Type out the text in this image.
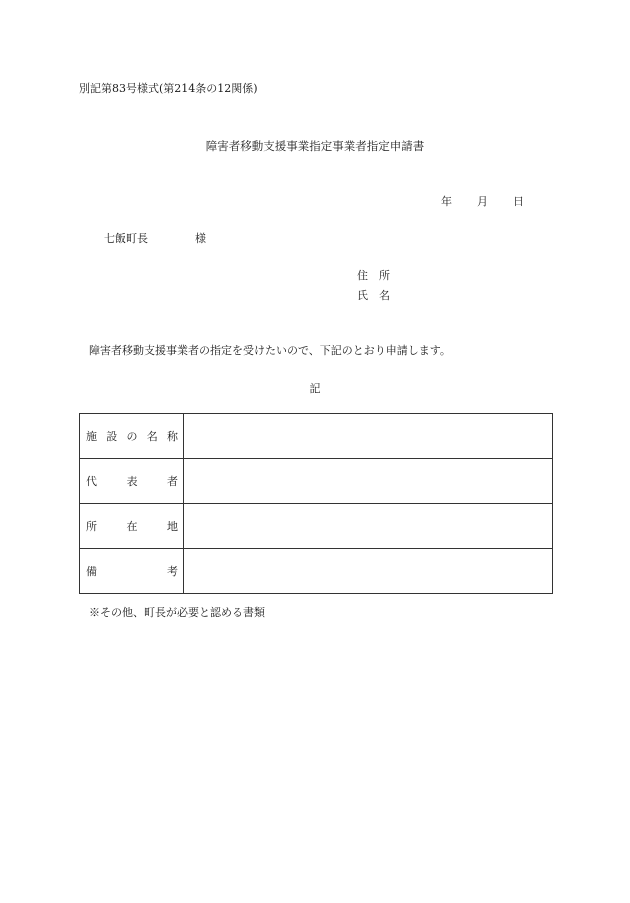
別記第83号様式(第214条の12関係)
障害者移動支援事業指定事業者指定申請書
年 月 日
七飯町長	様
住　所
氏　名
障害者移動支援事業者の指定を受けたいので、下記のとおり申請します。
記
施設の名称	
代表者	
所在地	
備考	
※その他、町長が必要と認める書類
